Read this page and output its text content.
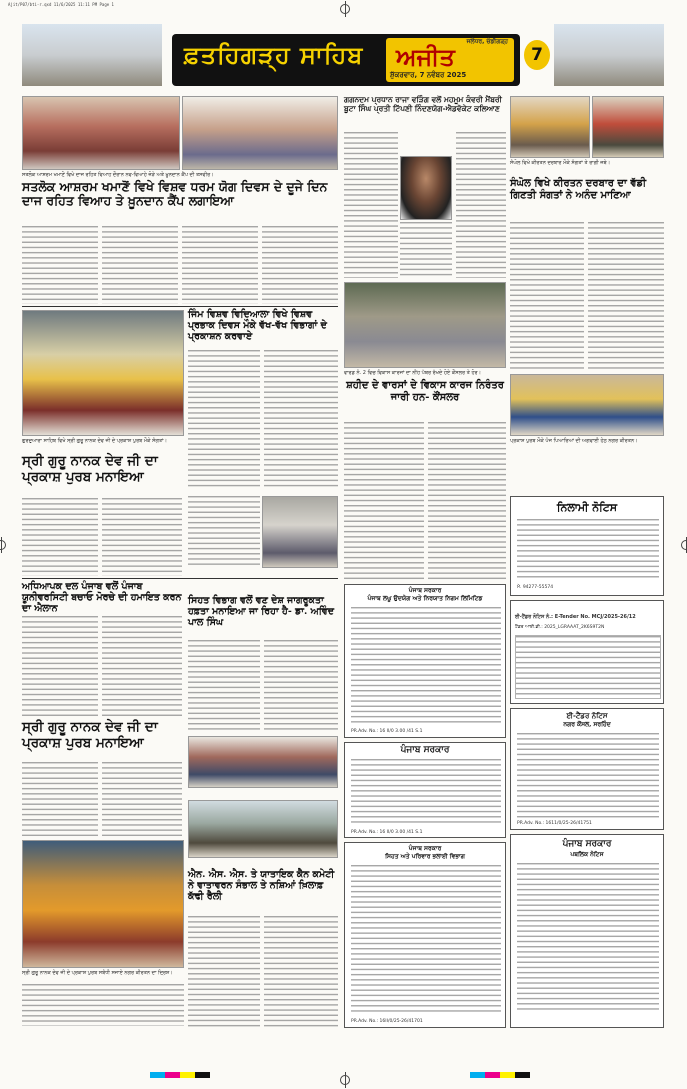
Ajit/P07/bti-r.qxd 11/6/2025 11:11 PM Page 1
ਫ਼ਤਹਿਗੜ੍ਹ ਸਾਹਿਬ ਅਜੀਤ
ਜਲੰਧਰ, ਚੰਡੀਗੜ੍ਹ
ਸ਼ੁੱਕਰਵਾਰ, 7 ਨਵੰਬਰ 2025
7
ਸਤਲੋਕ ਆਸ਼ਰਮ ਖਮਾਣੋਂ ਵਿਖੇ ਦਾਜ ਰਹਿਤ ਵਿਆਹ ਦੌਰਾਨ ਨਵ-ਵਿਆਹੇ ਜੋੜੇ ਅਤੇ ਖ਼ੂਨਦਾਨ ਕੈਂਪ ਦੀ ਤਸਵੀਰ।
ਸਤਲੋਕ ਆਸ਼ਰਮ ਖਮਾਣੋਂ ਵਿਖੇ ਵਿਸ਼ਵ ਧਰਮ ਯੋਗ ਦਿਵਸ ਦੇ ਦੂਜੇ ਦਿਨ ਦਾਜ ਰਹਿਤ ਵਿਆਹ ਤੇ ਖ਼ੂਨਦਾਨ ਕੈਂਪ ਲਗਾਇਆ
ਗੁਰਦੁਆਰਾ ਸਾਹਿਬ ਵਿਖੇ ਸ੍ਰੀ ਗੁਰੂ ਨਾਨਕ ਦੇਵ ਜੀ ਦੇ ਪ੍ਰਕਾਸ਼ ਪੁਰਬ ਮੌਕੇ ਸੰਗਤਾਂ।
ਸ੍ਰੀ ਗੁਰੂ ਨਾਨਕ ਦੇਵ ਜੀ ਦਾ ਪ੍ਰਕਾਸ਼ ਪੁਰਬ ਮਨਾਇਆ
ਜਿੰਮ ਵਿਸ਼ਵ ਵਿਦਿਆਲਾ ਵਿਖੇ ਵਿਸ਼ਵ ਪ੍ਰਭਾਕ ਦਿਵਸ ਮੌਕੇ ਵੱਖ-ਵੱਖ ਵਿਭਾਗਾਂ ਦੇ ਪ੍ਰਕਾਸ਼ਨ ਕਰਵਾਏ
ਅਧਿਆਪਕ ਦਲ ਪੰਜਾਬ ਵਲੋਂ ਪੰਜਾਬ ਯੂਨੀਵਰਸਿਟੀ ਬਚਾਓ ਮੋਰਚੇ ਦੀ ਹਮਾਇਤ ਕਰਨ ਦਾ ਐਲਾਨ
ਸਿਹਤ ਵਿਭਾਗ ਵਲੋਂ ਵਣ ਦੇਸ਼ ਜਾਗਰੂਕਤਾ ਹਫ਼ਤਾ ਮਨਾਇਆ ਜਾ ਰਿਹਾ ਹੈ- ਡਾ. ਅਵਿੰਦ ਪਾਲ ਸਿੰਘ
ਸ੍ਰੀ ਗੁਰੂ ਨਾਨਕ ਦੇਵ ਜੀ ਦਾ ਪ੍ਰਕਾਸ਼ ਪੁਰਬ ਮਨਾਇਆ
ਸ੍ਰੀ ਗੁਰੂ ਨਾਨਕ ਦੇਵ ਜੀ ਦੇ ਪ੍ਰਕਾਸ਼ ਪੁਰਬ ਸਬੰਧੀ ਸਜਾਏ ਨਗਰ ਕੀਰਤਨ ਦਾ ਦ੍ਰਿਸ਼।
ਐਨ. ਐਸ. ਐਸ. ਤੇ ਯਾਤਾਇਕ ਕੈਨ ਕਮੇਟੀ ਨੇ ਵਾਤਾਵਰਨ ਸੰਭਾਲ ਤੇ ਨਸ਼ਿਆਂ ਖ਼ਿਲਾਫ਼ ਕੱਢੀ ਰੈਲੀ
ਗਗਨਦਮ ਪ੍ਰਧਾਨ ਰਾਜਾ ਵੜਿੰਗ ਵਲੋਂ ਮਹਮੂਮ ਕੰਵਰੀ ਮੈਂਬਰੀ ਬੂਟਾ ਸਿੰਘ ਪ੍ਰਤੀ ਟਿੱਪਣੀ ਨਿੰਦਣਯੋਗ-ਐਡਵੋਕੇਟ ਕਲਿਆਣ
ਸੰਘੋਲ ਵਿਖੇ ਕੀਰਤਨ ਦਰਬਾਰ ਮੌਕੇ ਸੰਗਤਾਂ ਤੇ ਰਾਗੀ ਜਥੇ।
ਸੰਘੋਲ ਵਿਖੇ ਕੀਰਤਨ ਦਰਬਾਰ ਦਾ ਵੱਡੀ ਗਿਣਤੀ ਸੰਗਤਾਂ ਨੇ ਅਨੰਦ ਮਾਣਿਆ
ਵਾਰਡ ਨੰ. 2 ਵਿਚ ਵਿਕਾਸ ਕਾਰਜਾਂ ਦਾ ਨੀਂਹ ਪੱਥਰ ਰੱਖਦੇ ਹੋਏ ਕੌਂਸਲਰ ਤੇ ਹੋਰ।
ਪ੍ਰਕਾਸ਼ ਪੁਰਬ ਮੌਕੇ ਪੰਜ ਪਿਆਰਿਆਂ ਦੀ ਅਗਵਾਈ ਹੇਠ ਨਗਰ ਕੀਰਤਨ।
ਸ਼ਹੀਦ ਦੇ ਵਾਰਸਾਂ ਦੇ ਵਿਕਾਸ ਕਾਰਜ ਨਿਰੰਤਰ ਜਾਰੀ ਹਨ- ਕੌਂਸਲਰ
ਨਿਲਾਮੀ ਨੋਟਿਸ
ਮੋ. 94277-55574
ਪੰਜਾਬ ਸਰਕਾਰ
ਪੰਜਾਬ ਲਘੂ ਉਦਯੋਗ ਅਤੇ ਨਿਰਯਾਤ ਨਿਗਮ ਲਿਮਿਟਿਡ
PR.Adv. No.: 16 II/0 3.00 /41 S.1
ਈ-ਟੈਂਡਰ ਨੋਟਿਸ ਨੰ.: E-Tender No. MCJ/2025-26/12
ਟੈਂਡਰ ਆਈ.ਡੀ.: 2025_LGRAAAT_2K6S9T2N
ਪੰਜਾਬ ਸਰਕਾਰ
PR.Adv. No.: 16 II/0 3.00 /41 S.1
ਈ-ਟੈਂਡਰ ਨੋਟਿਸ
ਨਗਰ ਕੌਂਸਲ, ਸਰਹਿੰਦ
PR.Adv. No.: 1611/0/25-26/41751
ਪੰਜਾਬ ਸਰਕਾਰ
ਸਿਹਤ ਅਤੇ ਪਰਿਵਾਰ ਭਲਾਈ ਵਿਭਾਗ
PR.Adv. No.: 16II/0/25-26/41701
ਪੰਜਾਬ ਸਰਕਾਰ
ਪਬਲਿਕ ਨੋਟਿਸ
